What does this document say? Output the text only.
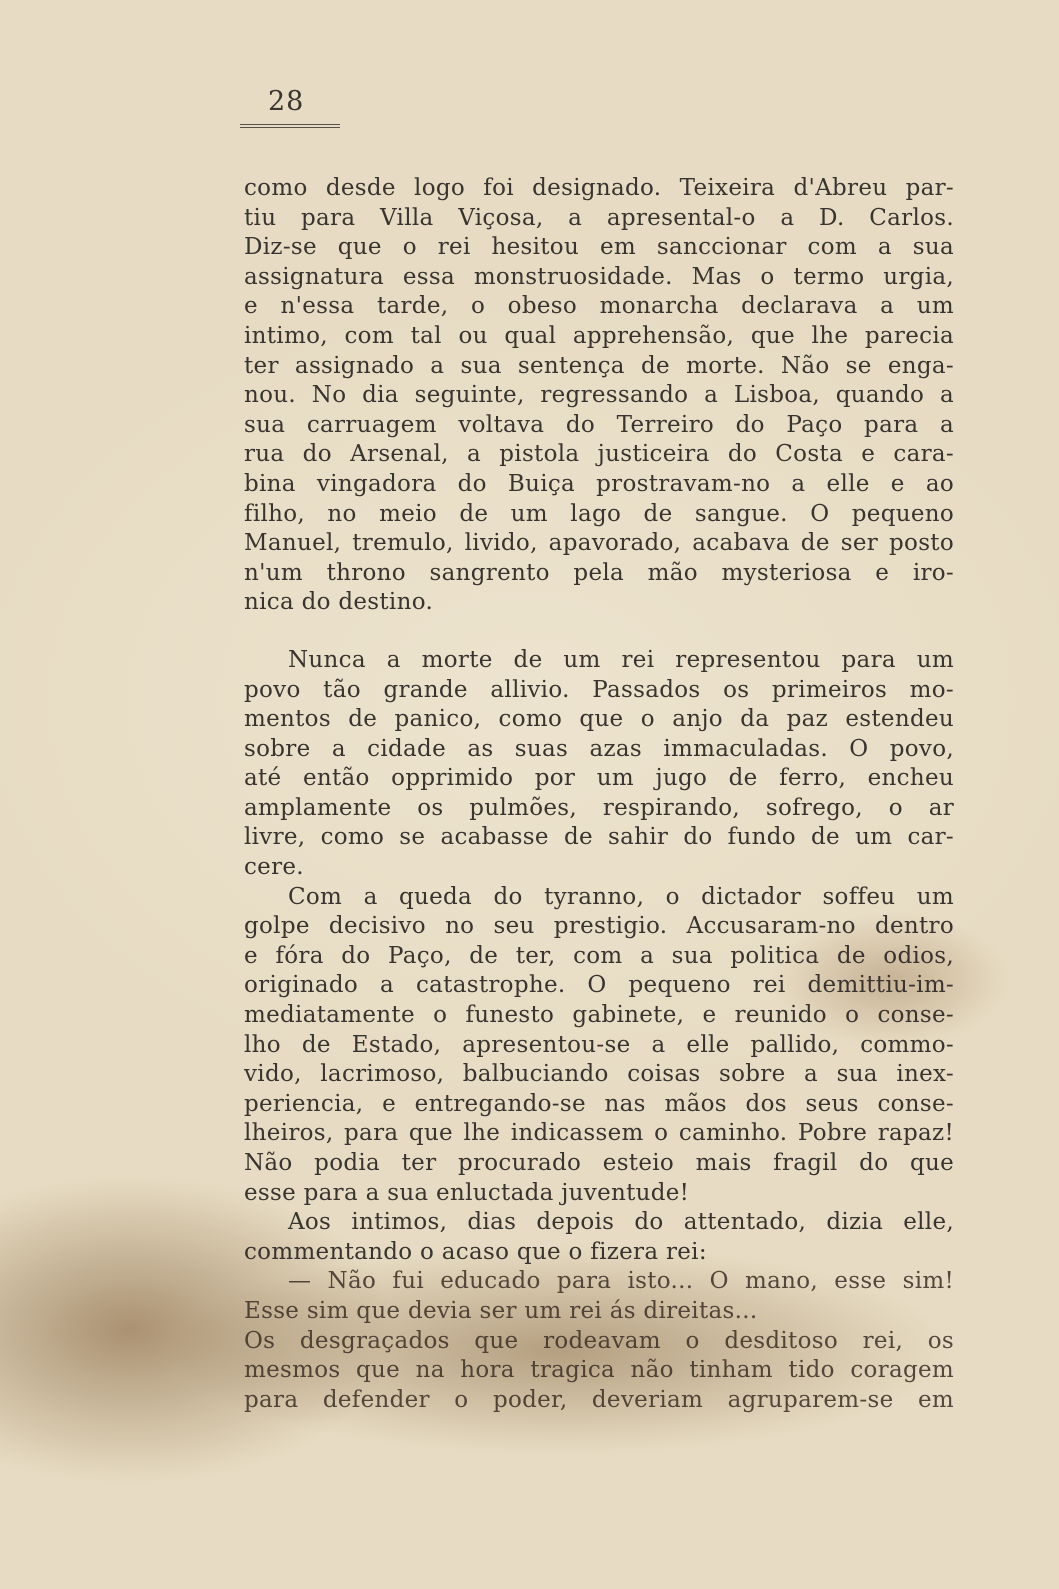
28
como desde logo foi designado. Teixeira d'Abreu par-
tiu para Villa Viçosa, a apresental-o a D. Carlos.
Diz-se que o rei hesitou em sanccionar com a sua
assignatura essa monstruosidade. Mas o termo urgia,
e n'essa tarde, o obeso monarcha declarava a um
intimo, com tal ou qual apprehensão, que lhe parecia
ter assignado a sua sentença de morte. Não se enga-
nou. No dia seguinte, regressando a Lisboa, quando a
sua carruagem voltava do Terreiro do Paço para a
rua do Arsenal, a pistola justiceira do Costa e cara-
bina vingadora do Buiça prostravam-no a elle e ao
filho, no meio de um lago de sangue. O pequeno
Manuel, tremulo, livido, apavorado, acabava de ser posto
n'um throno sangrento pela mão mysteriosa e iro-
nica do destino.
Nunca a morte de um rei representou para um
povo tão grande allivio. Passados os primeiros mo-
mentos de panico, como que o anjo da paz estendeu
sobre a cidade as suas azas immaculadas. O povo,
até então opprimido por um jugo de ferro, encheu
amplamente os pulmões, respirando, sofrego, o ar
livre, como se acabasse de sahir do fundo de um car-
cere.
Com a queda do tyranno, o dictador soffeu um
golpe decisivo no seu prestigio. Accusaram-no dentro
e fóra do Paço, de ter, com a sua politica de odios,
originado a catastrophe. O pequeno rei demittiu-im-
mediatamente o funesto gabinete, e reunido o conse-
lho de Estado, apresentou-se a elle pallido, commo-
vido, lacrimoso, balbuciando coisas sobre a sua inex-
periencia, e entregando-se nas mãos dos seus conse-
lheiros, para que lhe indicassem o caminho. Pobre rapaz!
Não podia ter procurado esteio mais fragil do que
esse para a sua enluctada juventude!
Aos intimos, dias depois do attentado, dizia elle,
commentando o acaso que o fizera rei:
— Não fui educado para isto... O mano, esse sim!
Esse sim que devia ser um rei ás direitas...
Os desgraçados que rodeavam o desditoso rei, os
mesmos que na hora tragica não tinham tido coragem
para defender o poder, deveriam agruparem-se em
